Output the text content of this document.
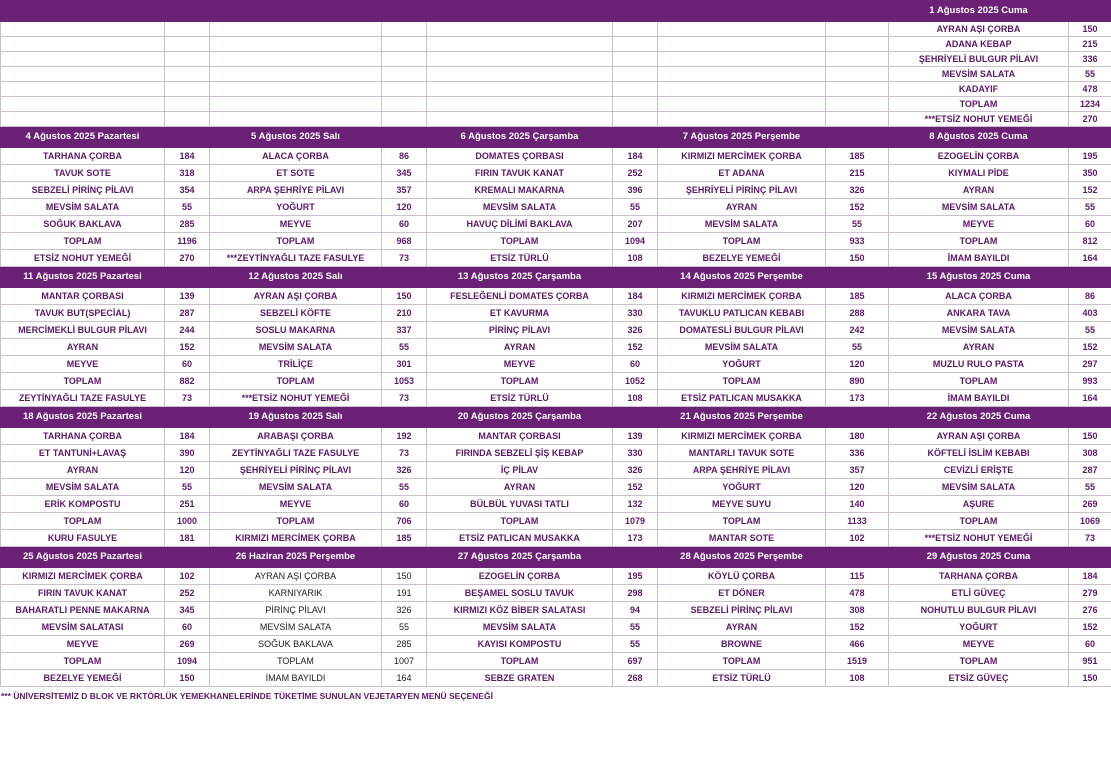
								1 Ağustos 2025 Cuma	
								AYRAN AŞI ÇORBA	150
								ADANA KEBAP	215
								ŞEHRİYELİ BULGUR PİLAVI	336
								MEVSİM SALATA	55
								KADAYIF	478
								TOPLAM	1234
								***ETSİZ NOHUT YEMEĞİ	270
4 Ağustos 2025 Pazartesi		5 Ağustos 2025 Salı		6 Ağustos 2025 Çarşamba		7 Ağustos 2025 Perşembe		8 Ağustos 2025 Cuma	
TARHANA ÇORBA	184	ALACA ÇORBA	86	DOMATES ÇORBASI	184	KIRMIZI MERCİMEK ÇORBA	185	EZOGELİN ÇORBA	195
TAVUK SOTE	318	ET SOTE	345	FIRIN TAVUK KANAT	252	ET ADANA	215	KIYMALI PİDE	350
SEBZELİ PİRİNÇ PİLAVI	354	ARPA ŞEHRİYE PİLAVI	357	KREMALI MAKARNA	396	ŞEHRİYELİ PİRİNÇ PİLAVI	326	AYRAN	152
MEVSİM SALATA	55	YOĞURT	120	MEVSİM SALATA	55	AYRAN	152	MEVSİM SALATA	55
SOĞUK BAKLAVA	285	MEYVE	60	HAVUÇ DİLİMİ BAKLAVA	207	MEVSİM SALATA	55	MEYVE	60
TOPLAM	1196	TOPLAM	968	TOPLAM	1094	TOPLAM	933	TOPLAM	812
ETSİZ NOHUT YEMEĞİ	270	***ZEYTİNYAĞLI TAZE FASULYE	73	ETSİZ TÜRLÜ	108	BEZELYE YEMEĞİ	150	İMAM BAYILDI	164
11 Ağustos 2025 Pazartesi		12 Ağustos 2025 Salı		13 Ağustos 2025 Çarşamba		14 Ağustos 2025 Perşembe		15 Ağustos 2025 Cuma	
MANTAR ÇORBASI	139	AYRAN AŞI ÇORBA	150	FESLEĞENLİ DOMATES ÇORBA	184	KIRMIZI MERCİMEK ÇORBA	185	ALACA ÇORBA	86
TAVUK BUT(SPECİAL)	287	SEBZELİ KÖFTE	210	ET KAVURMA	330	TAVUKLU PATLICAN KEBABI	288	ANKARA TAVA	403
MERCİMEKLİ BULGUR PİLAVI	244	SOSLU MAKARNA	337	PİRİNÇ PİLAVI	326	DOMATESLİ BULGUR PİLAVI	242	MEVSİM SALATA	55
AYRAN	152	MEVSİM SALATA	55	AYRAN	152	MEVSİM SALATA	55	AYRAN	152
MEYVE	60	TRİLİÇE	301	MEYVE	60	YOĞURT	120	MUZLU RULO PASTA	297
TOPLAM	882	TOPLAM	1053	TOPLAM	1052	TOPLAM	890	TOPLAM	993
ZEYTİNYAĞLI TAZE FASULYE	73	***ETSİZ NOHUT YEMEĞİ	73	ETSİZ TÜRLÜ	108	ETSİZ PATLICAN MUSAKKA	173	İMAM BAYILDI	164
18 Ağustos 2025 Pazartesi		19 Ağustos 2025 Salı		20 Ağustos 2025 Çarşamba		21 Ağustos 2025 Perşembe		22 Ağustos 2025 Cuma	
TARHANA ÇORBA	184	ARABAŞI ÇORBA	192	MANTAR ÇORBASI	139	KIRMIZI MERCİMEK ÇORBA	180	AYRAN AŞI ÇORBA	150
ET TANTUNİ+LAVAŞ	390	ZEYTİNYAĞLI TAZE FASULYE	73	FIRINDA SEBZELİ ŞİŞ KEBAP	330	MANTARLI TAVUK SOTE	336	KÖFTELİ İSLİM KEBABI	308
AYRAN	120	ŞEHRİYELİ PİRİNÇ PİLAVI	326	İÇ PİLAV	326	ARPA ŞEHRİYE PİLAVI	357	CEVİZLİ ERİŞTE	287
MEVSİM SALATA	55	MEVSİM SALATA	55	AYRAN	152	YOĞURT	120	MEVSİM SALATA	55
ERİK KOMPOSTU	251	MEYVE	60	BÜLBÜL YUVASI TATLI	132	MEYVE SUYU	140	AŞURE	269
TOPLAM	1000	TOPLAM	706	TOPLAM	1079	TOPLAM	1133	TOPLAM	1069
KURU FASULYE	181	KIRMIZI MERCİMEK ÇORBA	185	ETSİZ PATLICAN MUSAKKA	173	MANTAR SOTE	102	***ETSİZ NOHUT YEMEĞİ	73
25 Ağustos 2025 Pazartesi		26 Haziran 2025 Perşembe		27 Ağustos 2025 Çarşamba		28 Ağustos 2025 Perşembe		29 Ağustos 2025 Cuma	
KIRMIZI MERCİMEK ÇORBA	102	AYRAN AŞI ÇORBA	150	EZOGELİN ÇORBA	195	KÖYLÜ ÇORBA	115	TARHANA ÇORBA	184
FIRIN TAVUK KANAT	252	KARNIYARIK	191	BEŞAMEL SOSLU TAVUK	298	ET DÖNER	478	ETLİ GÜVEÇ	279
BAHARATLI PENNE MAKARNA	345	PİRİNÇ PİLAVI	326	KIRMIZI KÖZ BİBER SALATASI	94	SEBZELİ PİRİNÇ PİLAVI	308	NOHUTLU BULGUR PİLAVI	276
MEVSİM SALATASI	60	MEVSİM SALATA	55	MEVSİM SALATA	55	AYRAN	152	YOĞURT	152
MEYVE	269	SOĞUK BAKLAVA	285	KAYISI KOMPOSTU	55	BROWNE	466	MEYVE	60
TOPLAM	1094	TOPLAM	1007	TOPLAM	697	TOPLAM	1519	TOPLAM	951
BEZELYE YEMEĞİ	150	İMAM BAYILDI	164	SEBZE GRATEN	268	ETSİZ TÜRLÜ	108	ETSİZ GÜVEÇ	150
*** ÜNİVERSİTEMİZ D BLOK VE RKTÖRLÜK YEMEKHANELERİNDE TÜKETİME SUNULAN VEJETARYEN MENÜ SEÇENEĞİ
